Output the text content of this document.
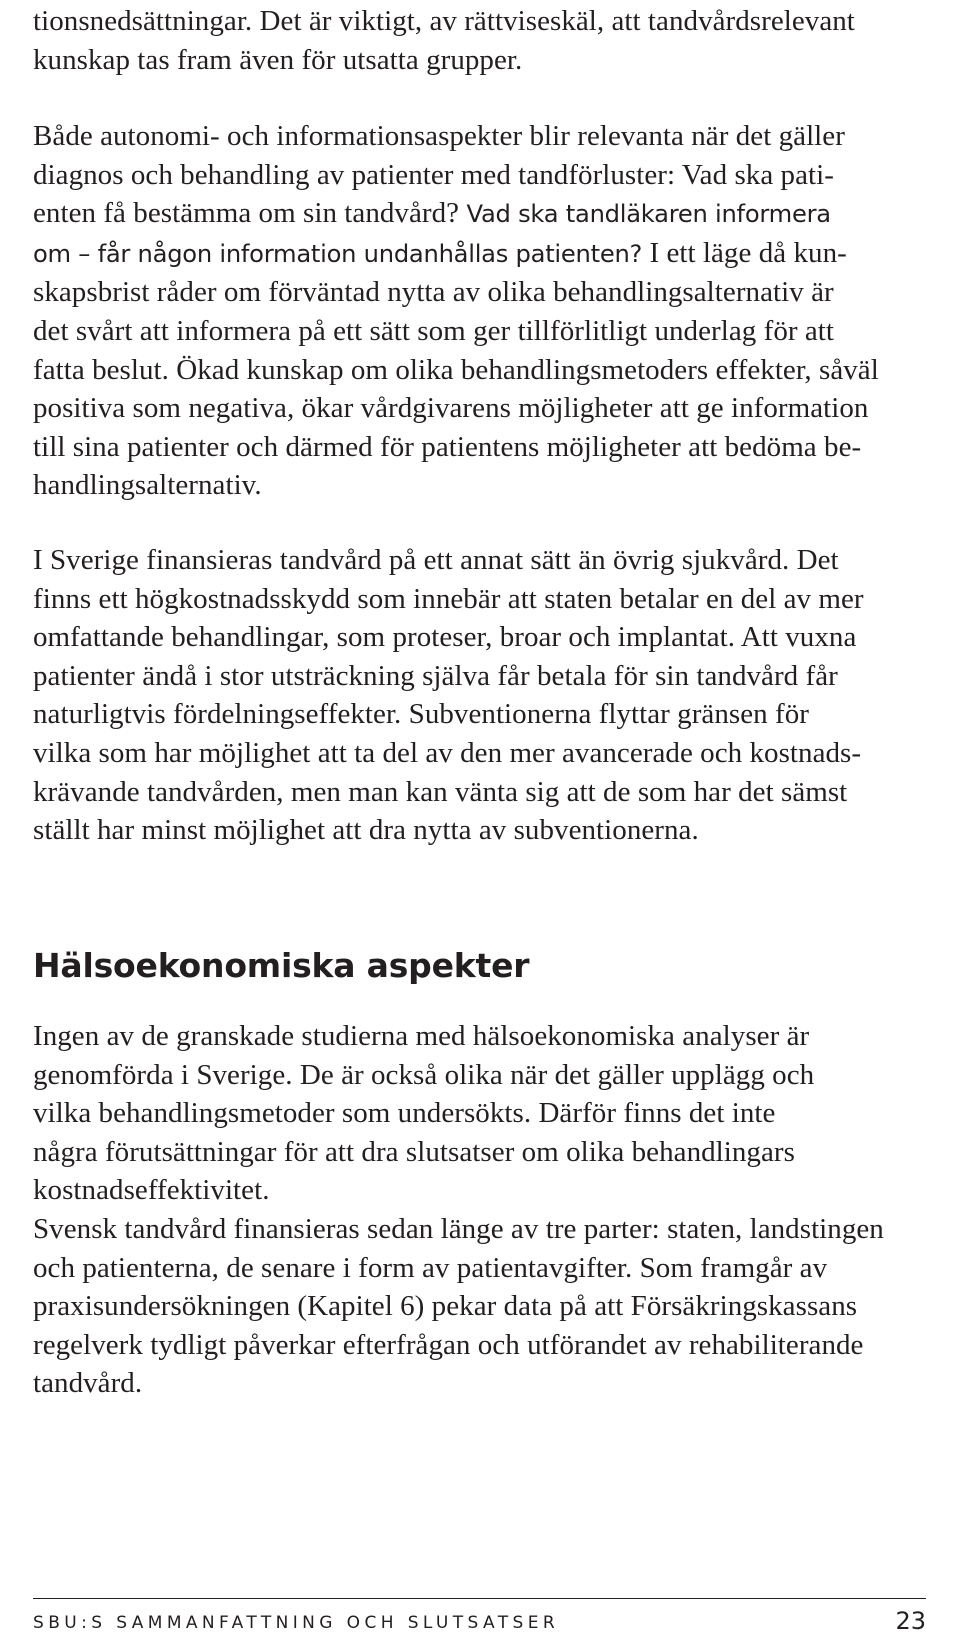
tionsnedsättningar. Det är viktigt, av rättviseskäl, att tandvårdsrelevant
kunskap tas fram även för utsatta grupper.

Både autonomi- och informationsaspekter blir relevanta när det gäller
diagnos och behandling av patienter med tandförluster: Vad ska pati-
enten få bestämma om sin tandvård? Vad ska tandläkaren informera
om – får någon information undanhållas patienten? I ett läge då kun-
skapsbrist råder om förväntad nytta av olika behandlingsalternativ är
det svårt att informera på ett sätt som ger tillförlitligt underlag för att
fatta beslut. Ökad kunskap om olika behandlingsmetoders effekter, såväl
positiva som negativa, ökar vårdgivarens möjligheter att ge information
till sina patienter och därmed för patientens möjligheter att bedöma be-
handlingsalternativ.

I Sverige finansieras tandvård på ett annat sätt än övrig sjukvård. Det
finns ett högkostnadsskydd som innebär att staten betalar en del av mer
omfattande behandlingar, som proteser, broar och implantat. Att vuxna
patienter ändå i stor utsträckning själva får betala för sin tandvård får
naturligtvis fördelningseffekter. Subventionerna flyttar gränsen för
vilka som har möjlighet att ta del av den mer avancerade och kostnads-
krävande tandvården, men man kan vänta sig att de som har det sämst
ställt har minst möjlighet att dra nytta av subventionerna.

Hälsoekonomiska aspekter

Ingen av de granskade studierna med hälsoekonomiska analyser är
genomförda i Sverige. De är också olika när det gäller upplägg och
vilka behandlingsmetoder som undersökts. Därför finns det inte
några förutsättningar för att dra slutsatser om olika behandlingars
kostnadseffektivitet.

Svensk tandvård finansieras sedan länge av tre parter: staten, landstingen
och patienterna, de senare i form av patientavgifter. Som framgår av
praxisundersökningen (Kapitel 6) pekar data på att Försäkringskassans
regelverk tydligt påverkar efterfrågan och utförandet av rehabiliterande
tandvård.

SBU:S SAMMANFATTNING OCH SLUTSATSER	23
